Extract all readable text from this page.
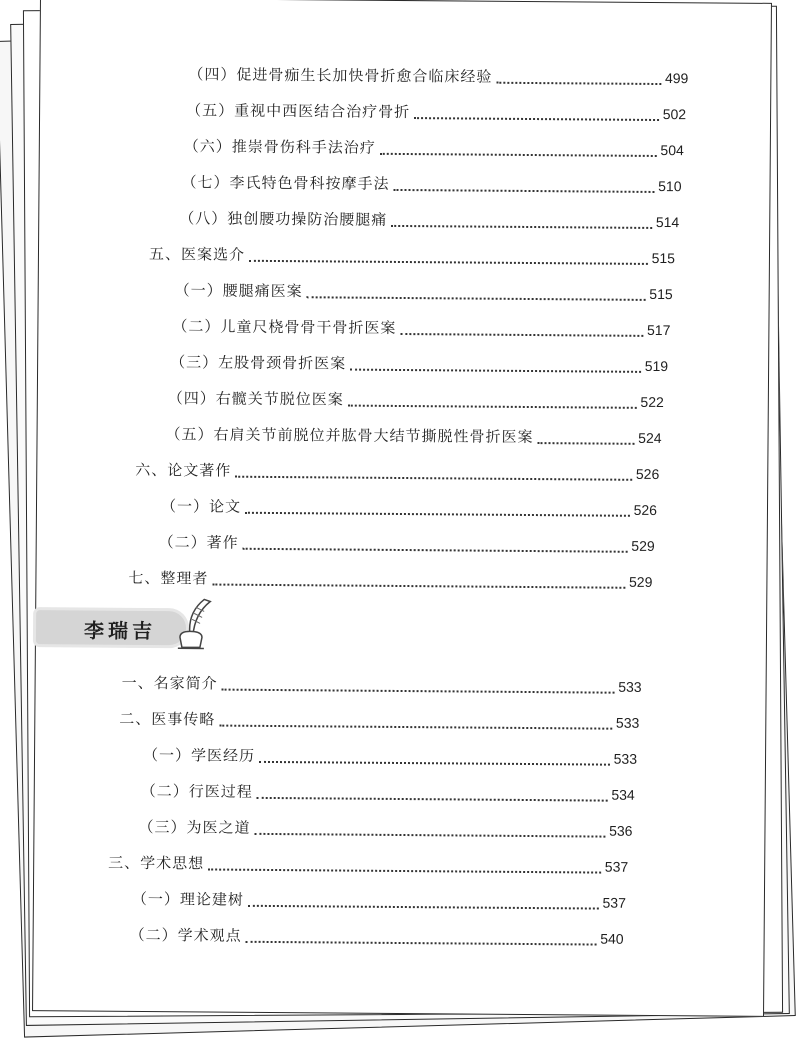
（四）促进骨痂生长加快骨折愈合临床经验	499
（五）重视中西医结合治疗骨折	502
（六）推崇骨伤科手法治疗	504
（七）李氏特色骨科按摩手法	510
（八）独创腰功操防治腰腿痛	514
五、医案选介	515
（一）腰腿痛医案	515
（二）儿童尺桡骨骨干骨折医案	517
（三）左股骨颈骨折医案	519
（四）右髋关节脱位医案	522
（五）右肩关节前脱位并肱骨大结节撕脱性骨折医案	524
六、论文著作	526
（一）论文	526
（二）著作	529
七、整理者	529
李瑞吉
一、名家简介	533
二、医事传略	533
（一）学医经历	533
（二）行医过程	534
（三）为医之道	536
三、学术思想	537
（一）理论建树	537
（二）学术观点	540
